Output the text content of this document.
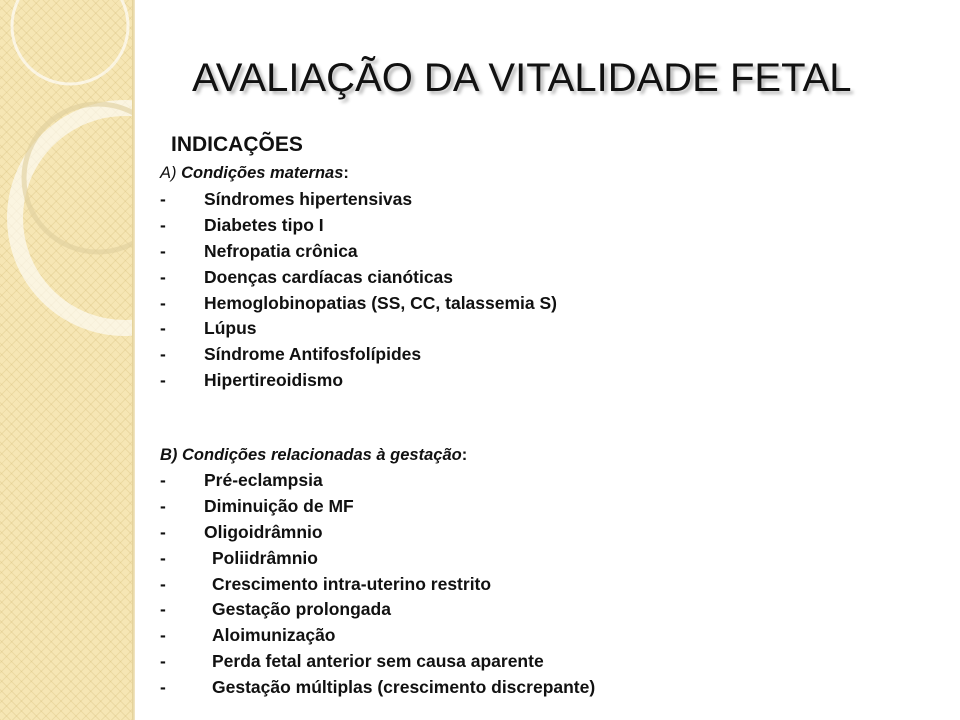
AVALIAÇÃO DA VITALIDADE FETAL
INDICAÇÕES
A) Condições maternas:
- Síndromes hipertensivas
- Diabetes tipo I
- Nefropatia crônica
- Doenças cardíacas cianóticas
- Hemoglobinopatias (SS, CC, talassemia S)
- Lúpus
- Síndrome Antifosfolípides
- Hipertireoidismo
B) Condições relacionadas à gestação:
- Pré-eclampsia
- Diminuição de MF
- Oligoidrâmnio
-	Poliidrâmnio
-	Crescimento intra-uterino restrito
-	Gestação prolongada
-	Aloimunização
-	Perda fetal anterior sem causa aparente
-	Gestação múltiplas (crescimento discrepante)
